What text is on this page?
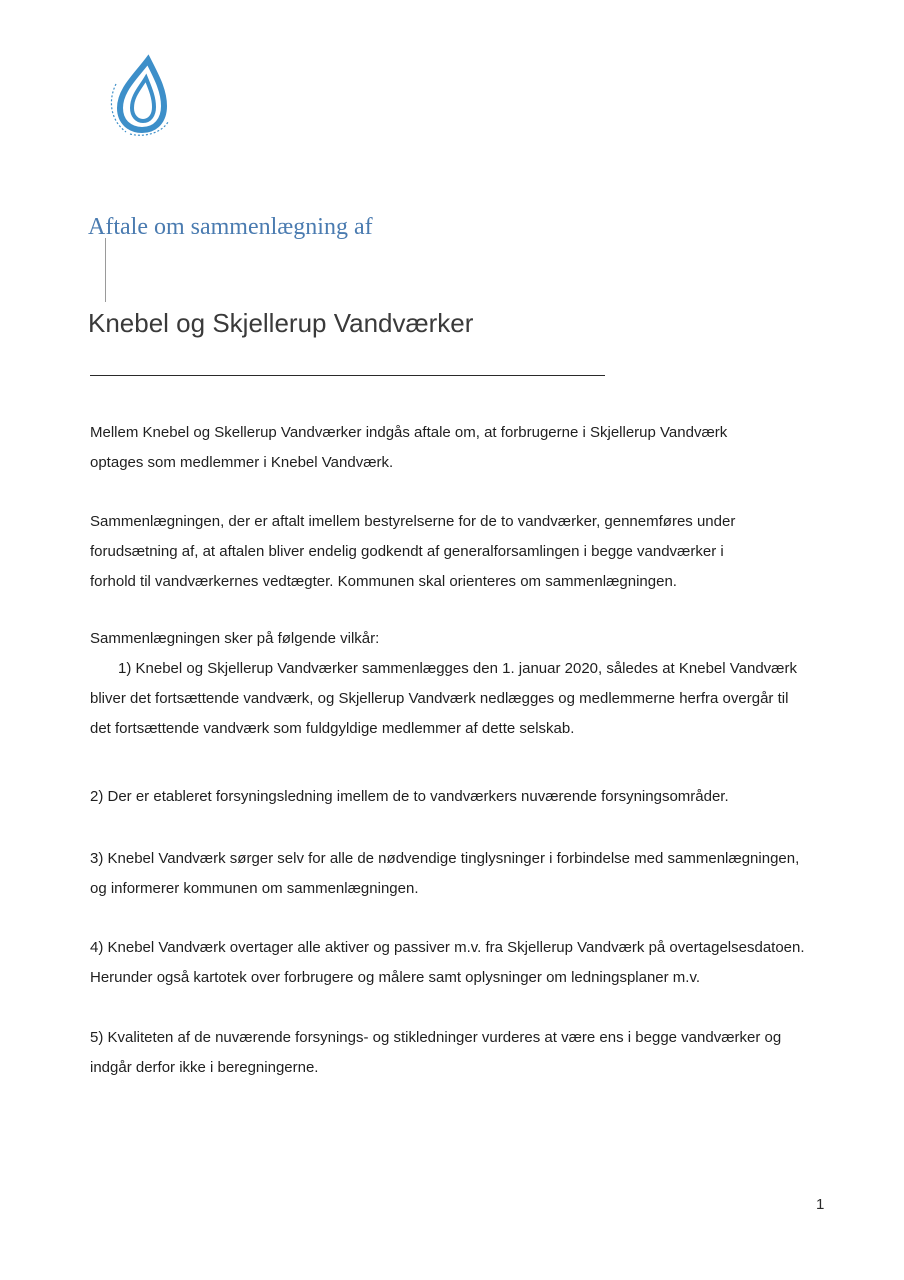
Aftale om sammenlægning af
Knebel og Skjellerup Vandværker
Mellem Knebel og Skellerup Vandværker indgås aftale om, at forbrugerne i Skjellerup Vandværk
optages som medlemmer i Knebel Vandværk.
Sammenlægningen, der er aftalt imellem bestyrelserne for de to vandværker, gennemføres under
forudsætning af, at aftalen bliver endelig godkendt af generalforsamlingen i begge vandværker i
forhold til vandværkernes vedtægter. Kommunen skal orienteres om sammenlægningen.
Sammenlægningen sker på følgende vilkår:
1) Knebel og Skjellerup Vandværker sammenlægges den 1. januar 2020, således at Knebel Vandværk
bliver det fortsættende vandværk, og Skjellerup Vandværk nedlægges og medlemmerne herfra overgår til
det fortsættende vandværk som fuldgyldige medlemmer af dette selskab.
2) Der er etableret forsyningsledning imellem de to vandværkers nuværende forsyningsområder.
3) Knebel Vandværk sørger selv for alle de nødvendige tinglysninger i forbindelse med sammenlægningen,
og informerer kommunen om sammenlægningen.
4) Knebel Vandværk overtager alle aktiver og passiver m.v. fra Skjellerup Vandværk på overtagelsesdatoen.
Herunder også kartotek over forbrugere og målere samt oplysninger om ledningsplaner m.v.
5) Kvaliteten af de nuværende forsynings- og stikledninger vurderes at være ens i begge vandværker og
indgår derfor ikke i beregningerne.
1
